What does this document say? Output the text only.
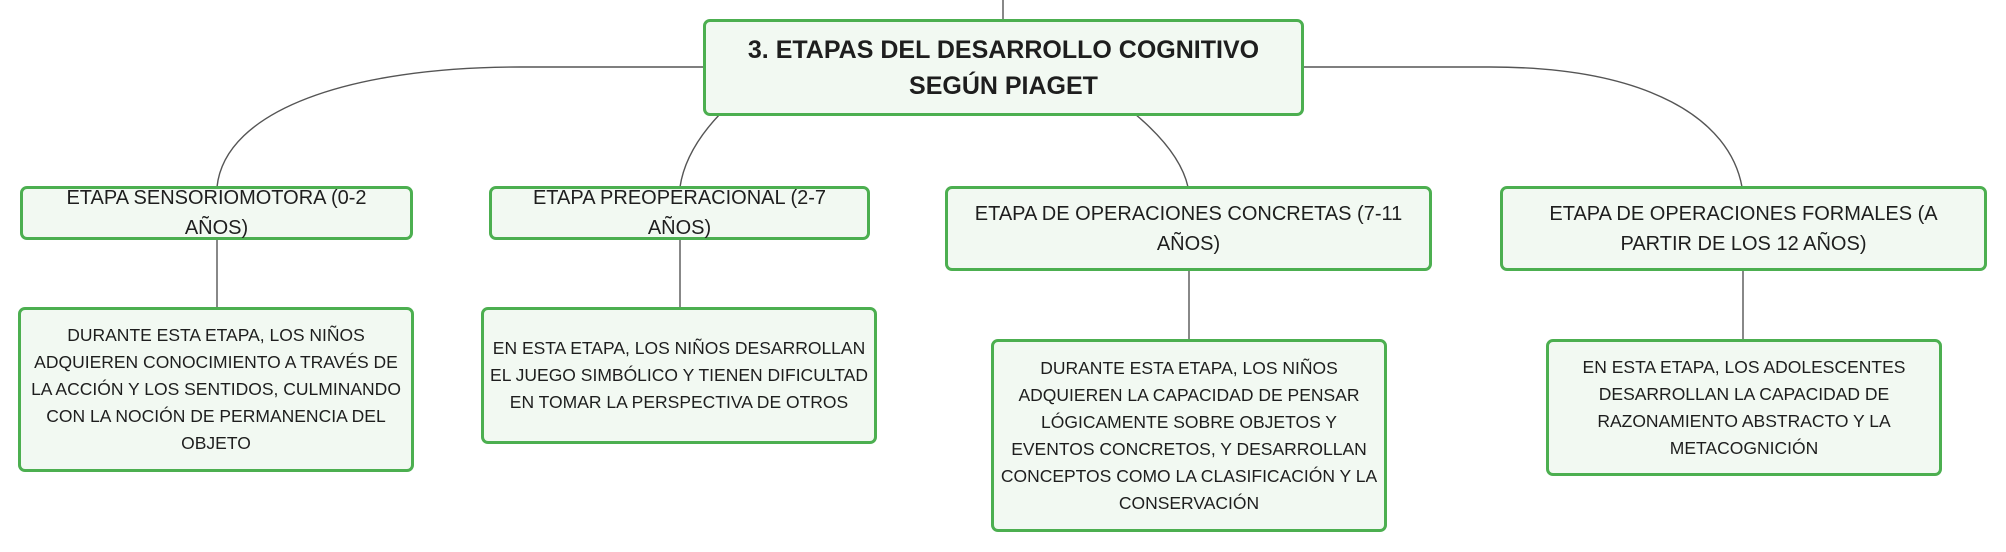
3. ETAPAS DEL DESARROLLO COGNITIVO SEGÚN PIAGET
ETAPA SENSORIOMOTORA (0-2 AÑOS)
ETAPA PREOPERACIONAL (2-7 AÑOS)
ETAPA DE OPERACIONES CONCRETAS (7-11 AÑOS)
ETAPA DE OPERACIONES FORMALES (A PARTIR DE LOS 12 AÑOS)
DURANTE ESTA ETAPA, LOS NIÑOS ADQUIEREN CONOCIMIENTO A TRAVÉS DE LA ACCIÓN Y LOS SENTIDOS, CULMINANDO CON LA NOCIÓN DE PERMANENCIA DEL OBJETO
EN ESTA ETAPA, LOS NIÑOS DESARROLLAN EL JUEGO SIMBÓLICO Y TIENEN DIFICULTAD EN TOMAR LA PERSPECTIVA DE OTROS
DURANTE ESTA ETAPA, LOS NIÑOS ADQUIEREN LA CAPACIDAD DE PENSAR LÓGICAMENTE SOBRE OBJETOS Y EVENTOS CONCRETOS, Y DESARROLLAN CONCEPTOS COMO LA CLASIFICACIÓN Y LA CONSERVACIÓN
EN ESTA ETAPA, LOS ADOLESCENTES DESARROLLAN LA CAPACIDAD DE RAZONAMIENTO ABSTRACTO Y LA METACOGNICIÓN
